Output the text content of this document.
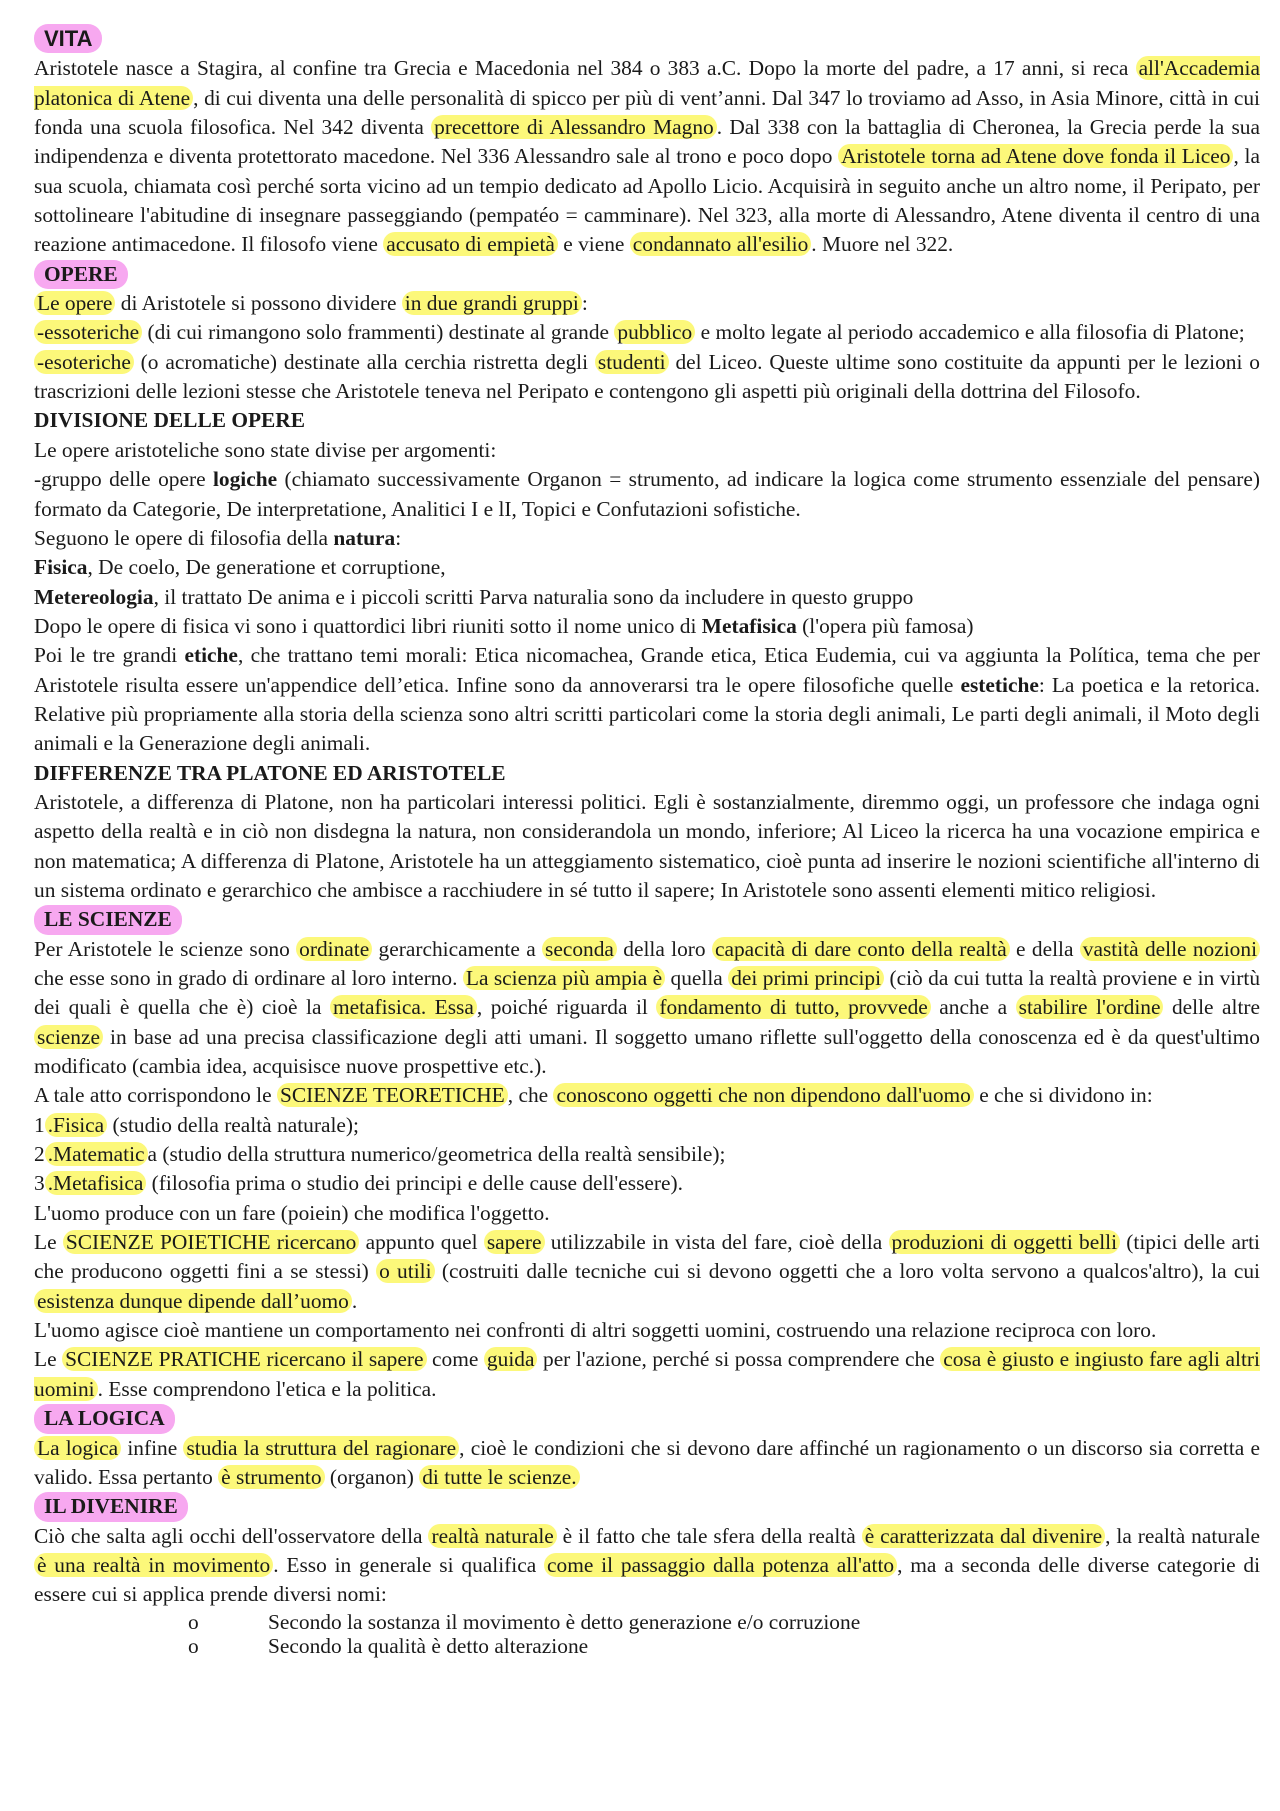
VITA

Aristotele nasce a Stagira, al confine tra Grecia e Macedonia nel 384 o 383 a.C. Dopo la morte del padre, a 17 anni, si reca all'Accademia platonica di Atene , di cui diventa una delle personalità di spicco per più di vent’anni. Dal 347 lo troviamo ad Asso, in Asia Minore, città in cui fonda una scuola filosofica. Nel 342 diventa precettore di Alessandro Magno . Dal 338 con la battaglia di Cheronea, la Grecia perde la sua indipendenza e diventa protettorato macedone. Nel 336 Alessandro sale al trono e poco dopo Aristotele torna ad Atene dove fonda il Liceo , la sua scuola, chiamata così perché sorta vicino ad un tempio dedicato ad Apollo Licio. Acquisirà in seguito anche un altro nome, il Peripato, per sottolineare l'abitudine di insegnare passeggiando (pempatéo = camminare). Nel 323, alla morte di Alessandro, Atene diventa il centro di una reazione antimacedone. Il filosofo viene accusato di empietà e viene condannato all'esilio . Muore nel 322.

OPERE

Le opere di Aristotele si possono dividere in due grandi gruppi :

-essoteriche (di cui rimangono solo frammenti) destinate al grande pubblico e molto legate al periodo accademico e alla filosofia di Platone;

-esoteriche (o acromatiche) destinate alla cerchia ristretta degli studenti del Liceo. Queste ultime sono costituite da appunti per le lezioni o trascrizioni delle lezioni stesse che Aristotele teneva nel Peripato e contengono gli aspetti più originali della dottrina del Filosofo.

DIVISIONE DELLE OPERE

Le opere aristoteliche sono state divise per argomenti:

-gruppo delle opere logiche (chiamato successivamente Organon = strumento, ad indicare la logica come strumento essenziale del pensare) formato da Categorie, De interpretatione, Analitici I e lI, Topici e Confutazioni sofistiche.

Seguono le opere di filosofia della natura:

Fisica, De coelo, De generatione et corruptione,

Metereologia, il trattato De anima e i piccoli scritti Parva naturalia sono da includere in questo gruppo

Dopo le opere di fisica vi sono i quattordici libri riuniti sotto il nome unico di Metafisica (l'opera più famosa)

Poi le tre grandi etiche, che trattano temi morali: Etica nicomachea, Grande etica, Etica Eudemia, cui va aggiunta la Política, tema che per Aristotele risulta essere un'appendice dell’etica. Infine sono da annoverarsi tra le opere filosofiche quelle estetiche: La poetica e la retorica. Relative più propriamente alla storia della scienza sono altri scritti particolari come la storia degli animali, Le parti degli animali, il Moto degli animali e la Generazione degli animali.

DIFFERENZE TRA PLATONE ED ARISTOTELE

Aristotele, a differenza di Platone, non ha particolari interessi politici. Egli è sostanzialmente, diremmo oggi, un professore che indaga ogni aspetto della realtà e in ciò non disdegna la natura, non considerandola un mondo, inferiore; Al Liceo la ricerca ha una vocazione empirica e non matematica; A differenza di Platone, Aristotele ha un atteggiamento sistematico, cioè punta ad inserire le nozioni scientifiche all'interno di un sistema ordinato e gerarchico che ambisce a racchiudere in sé tutto il sapere; In Aristotele sono assenti elementi mitico religiosi.

LE SCIENZE

Per Aristotele le scienze sono ordinate gerarchicamente a seconda della loro capacità di dare conto della realtà e della vastità delle nozioni che esse sono in grado di ordinare al loro interno. La scienza più ampia è quella dei primi principi (ciò da cui tutta la realtà proviene e in virtù dei quali è quella che è) cioè la metafisica. Essa , poiché riguarda il fondamento di tutto, provvede anche a stabilire l'ordine delle altre scienze in base ad una precisa classificazione degli atti umani. Il soggetto umano riflette sull'oggetto della conoscenza ed è da quest'ultimo modificato (cambia idea, acquisisce nuove prospettive etc.).

A tale atto corrispondono le SCIENZE TEORETICHE , che conoscono oggetti che non dipendono dall'uomo e che si dividono in:

1 .Fisica (studio della realtà naturale);

2 .Matematic a (studio della struttura numerico/geometrica della realtà sensibile);

3 .Metafisica (filosofia prima o studio dei principi e delle cause dell'essere).

L'uomo produce con un fare (poiein) che modifica l'oggetto.

Le SCIENZE POIETICHE ricercano appunto quel sapere utilizzabile in vista del fare, cioè della produzioni di oggetti belli (tipici delle arti che producono oggetti fini a se stessi) o utili (costruiti dalle tecniche cui si devono oggetti che a loro volta servono a qualcos'altro), la cui esistenza dunque dipende dall’uomo .

L'uomo agisce cioè mantiene un comportamento nei confronti di altri soggetti uomini, costruendo una relazione reciproca con loro.

Le SCIENZE PRATICHE ricercano il sapere come guida per l'azione, perché si possa comprendere che cosa è giusto e ingiusto fare agli altri uomini . Esse comprendono l'etica e la politica.

LA LOGICA

La logica infine studia la struttura del ragionare , cioè le condizioni che si devono dare affinché un ragionamento o un discorso sia corretta e valido. Essa pertanto è strumento (organon) di tutte le scienze.

IL DIVENIRE

Ciò che salta agli occhi dell'osservatore della realtà naturale è il fatto che tale sfera della realtà è caratterizzata dal divenire , la realtà naturale è una realtà in movimento . Esso in generale si qualifica come il passaggio dalla potenza all'atto , ma a seconda delle diverse categorie di essere cui si applica prende diversi nomi:

o Secondo la sostanza il movimento è detto generazione e/o corruzione
o Secondo la qualità è detto alterazione
